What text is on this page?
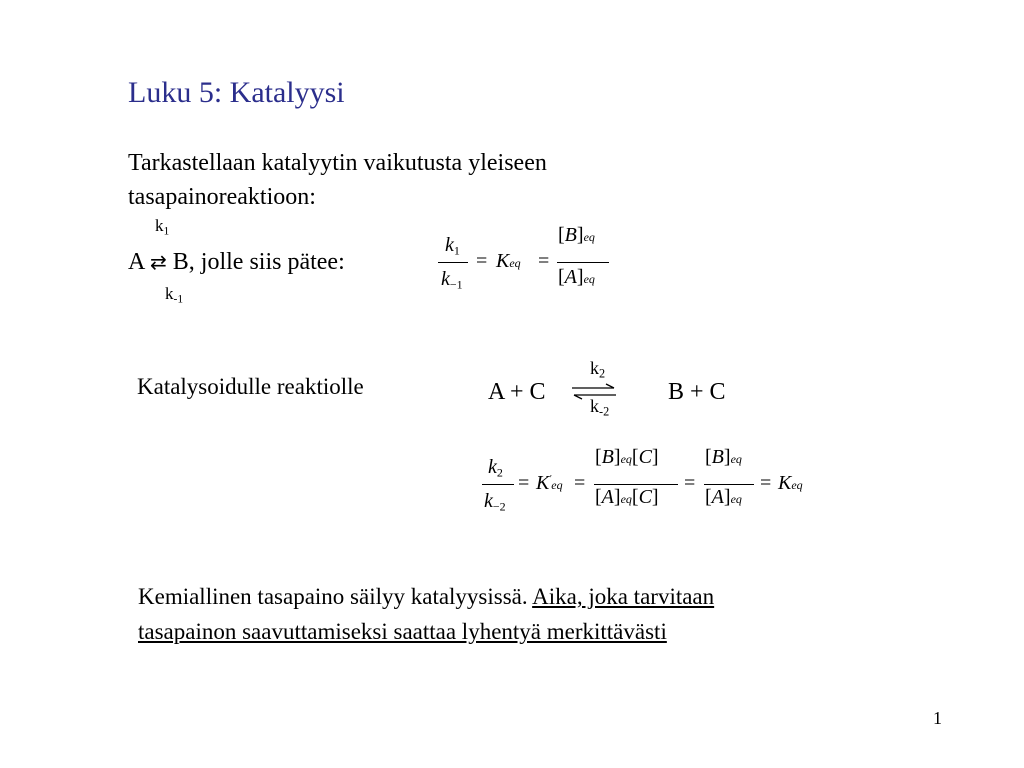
Luku 5: Katalyysi
Tarkastellaan katalyytin vaikutusta yleiseen
tasapainoreaktioon:
$k_1$
A ⇄ B, jolle siis pätee:
$k_{-1}$
$k_1$
$k_{-1}$
= Keq =
[B]eq
[A]eq
Katalysoidulle reaktiolle	A + C
$k_2$
$k_{-2}$
B + C
$k_2$
$k_{-2}$
= K'eq =
[B]eq[C]
[A]eq[C]
=
[B]eq
[A]eq
= Keq
Kemiallinen tasapaino säilyy katalyysissä. Aika, joka tarvitaan
tasapainon saavuttamiseksi saattaa lyhentyä merkittävästi
1
